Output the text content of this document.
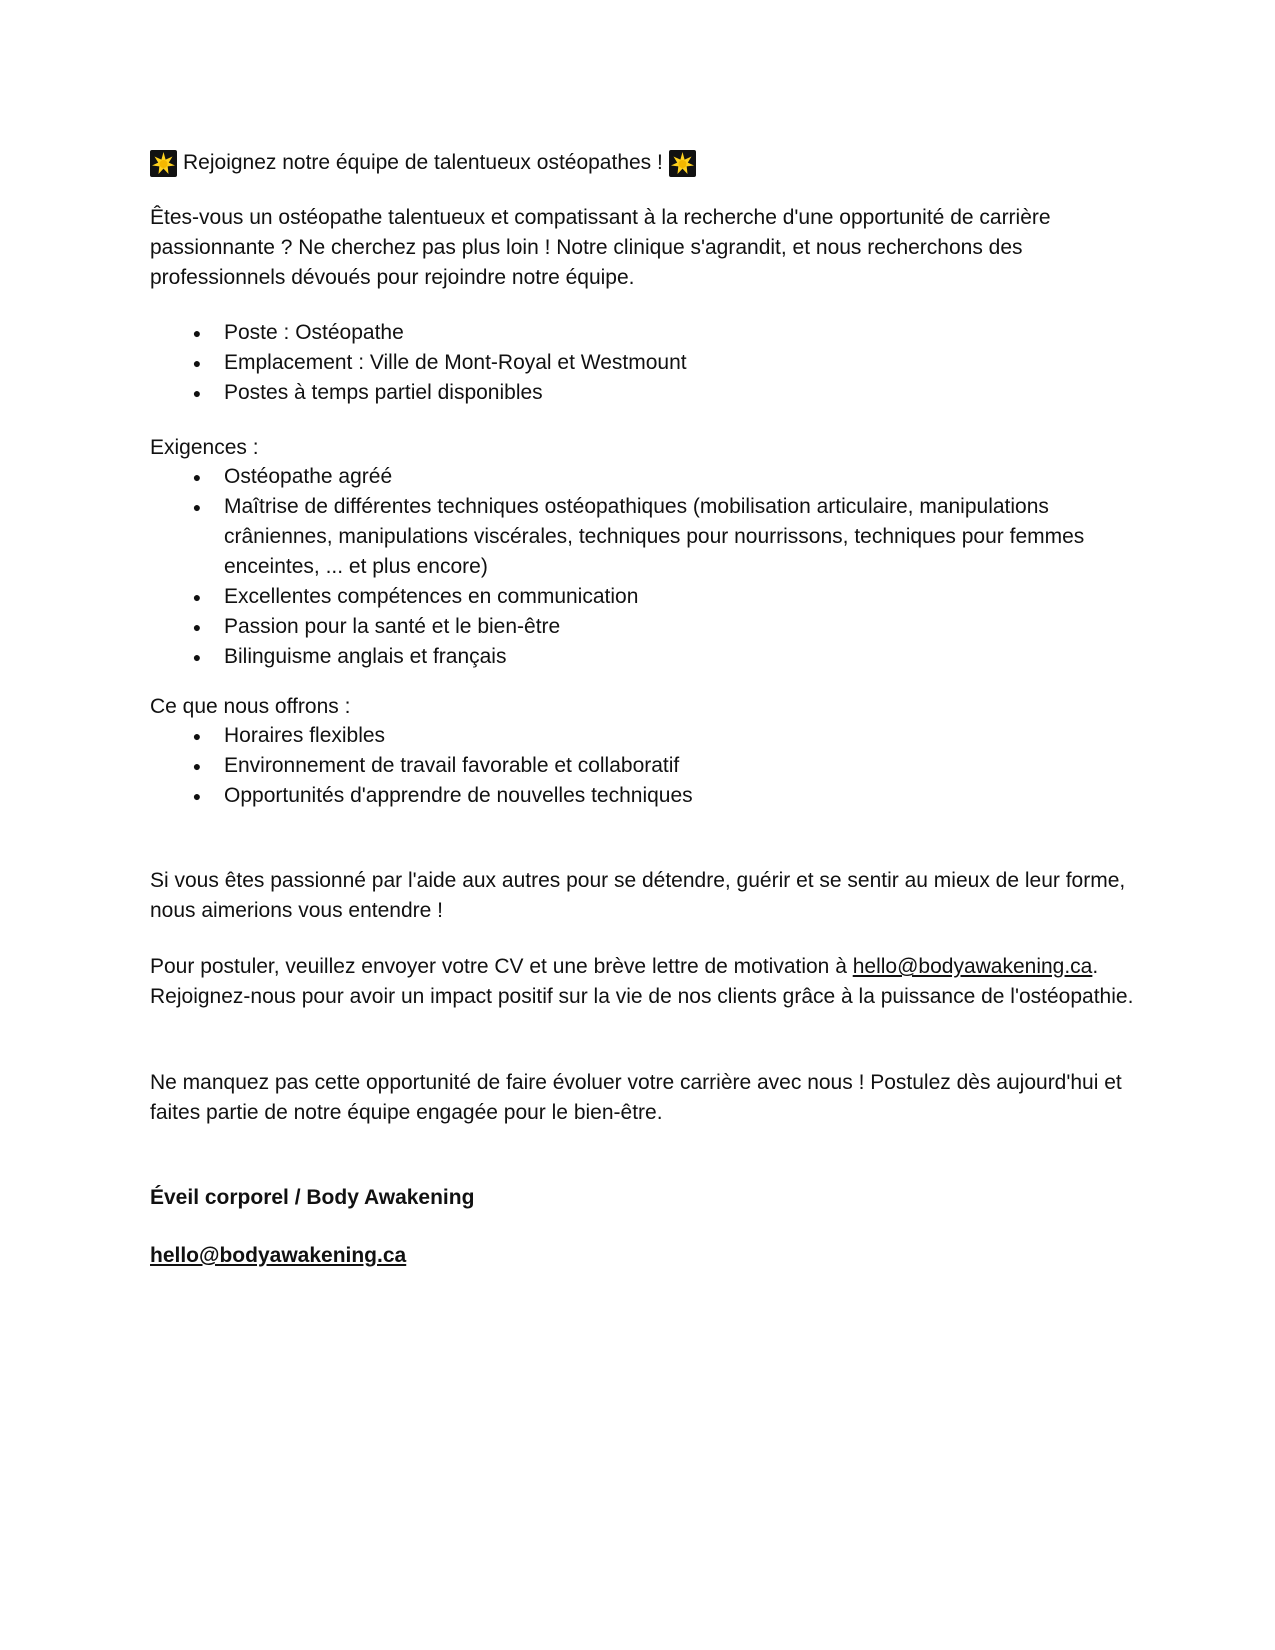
Rejoignez notre équipe de talentueux ostéopathes !

Êtes-vous un ostéopathe talentueux et compatissant à la recherche d'une opportunité de carrière passionnante ? Ne cherchez pas plus loin ! Notre clinique s'agrandit, et nous recherchons des professionnels dévoués pour rejoindre notre équipe.

● Poste : Ostéopathe
● Emplacement : Ville de Mont-Royal et Westmount
● Postes à temps partiel disponibles
Exigences :
● Ostéopathe agréé
● Maîtrise de différentes techniques ostéopathiques (mobilisation articulaire, manipulations crâniennes, manipulations viscérales, techniques pour nourrissons, techniques pour femmes enceintes, ... et plus encore)
● Excellentes compétences en communication
● Passion pour la santé et le bien-être
● Bilinguisme anglais et français
Ce que nous offrons :
● Horaires flexibles
● Environnement de travail favorable et collaboratif
● Opportunités d'apprendre de nouvelles techniques

Si vous êtes passionné par l'aide aux autres pour se détendre, guérir et se sentir au mieux de leur forme, nous aimerions vous entendre !

Pour postuler, veuillez envoyer votre CV et une brève lettre de motivation à hello@bodyawakening.ca. Rejoignez-nous pour avoir un impact positif sur la vie de nos clients grâce à la puissance de l'ostéopathie.

Ne manquez pas cette opportunité de faire évoluer votre carrière avec nous ! Postulez dès aujourd'hui et faites partie de notre équipe engagée pour le bien-être.

Éveil corporel / Body Awakening
hello@bodyawakening.ca
